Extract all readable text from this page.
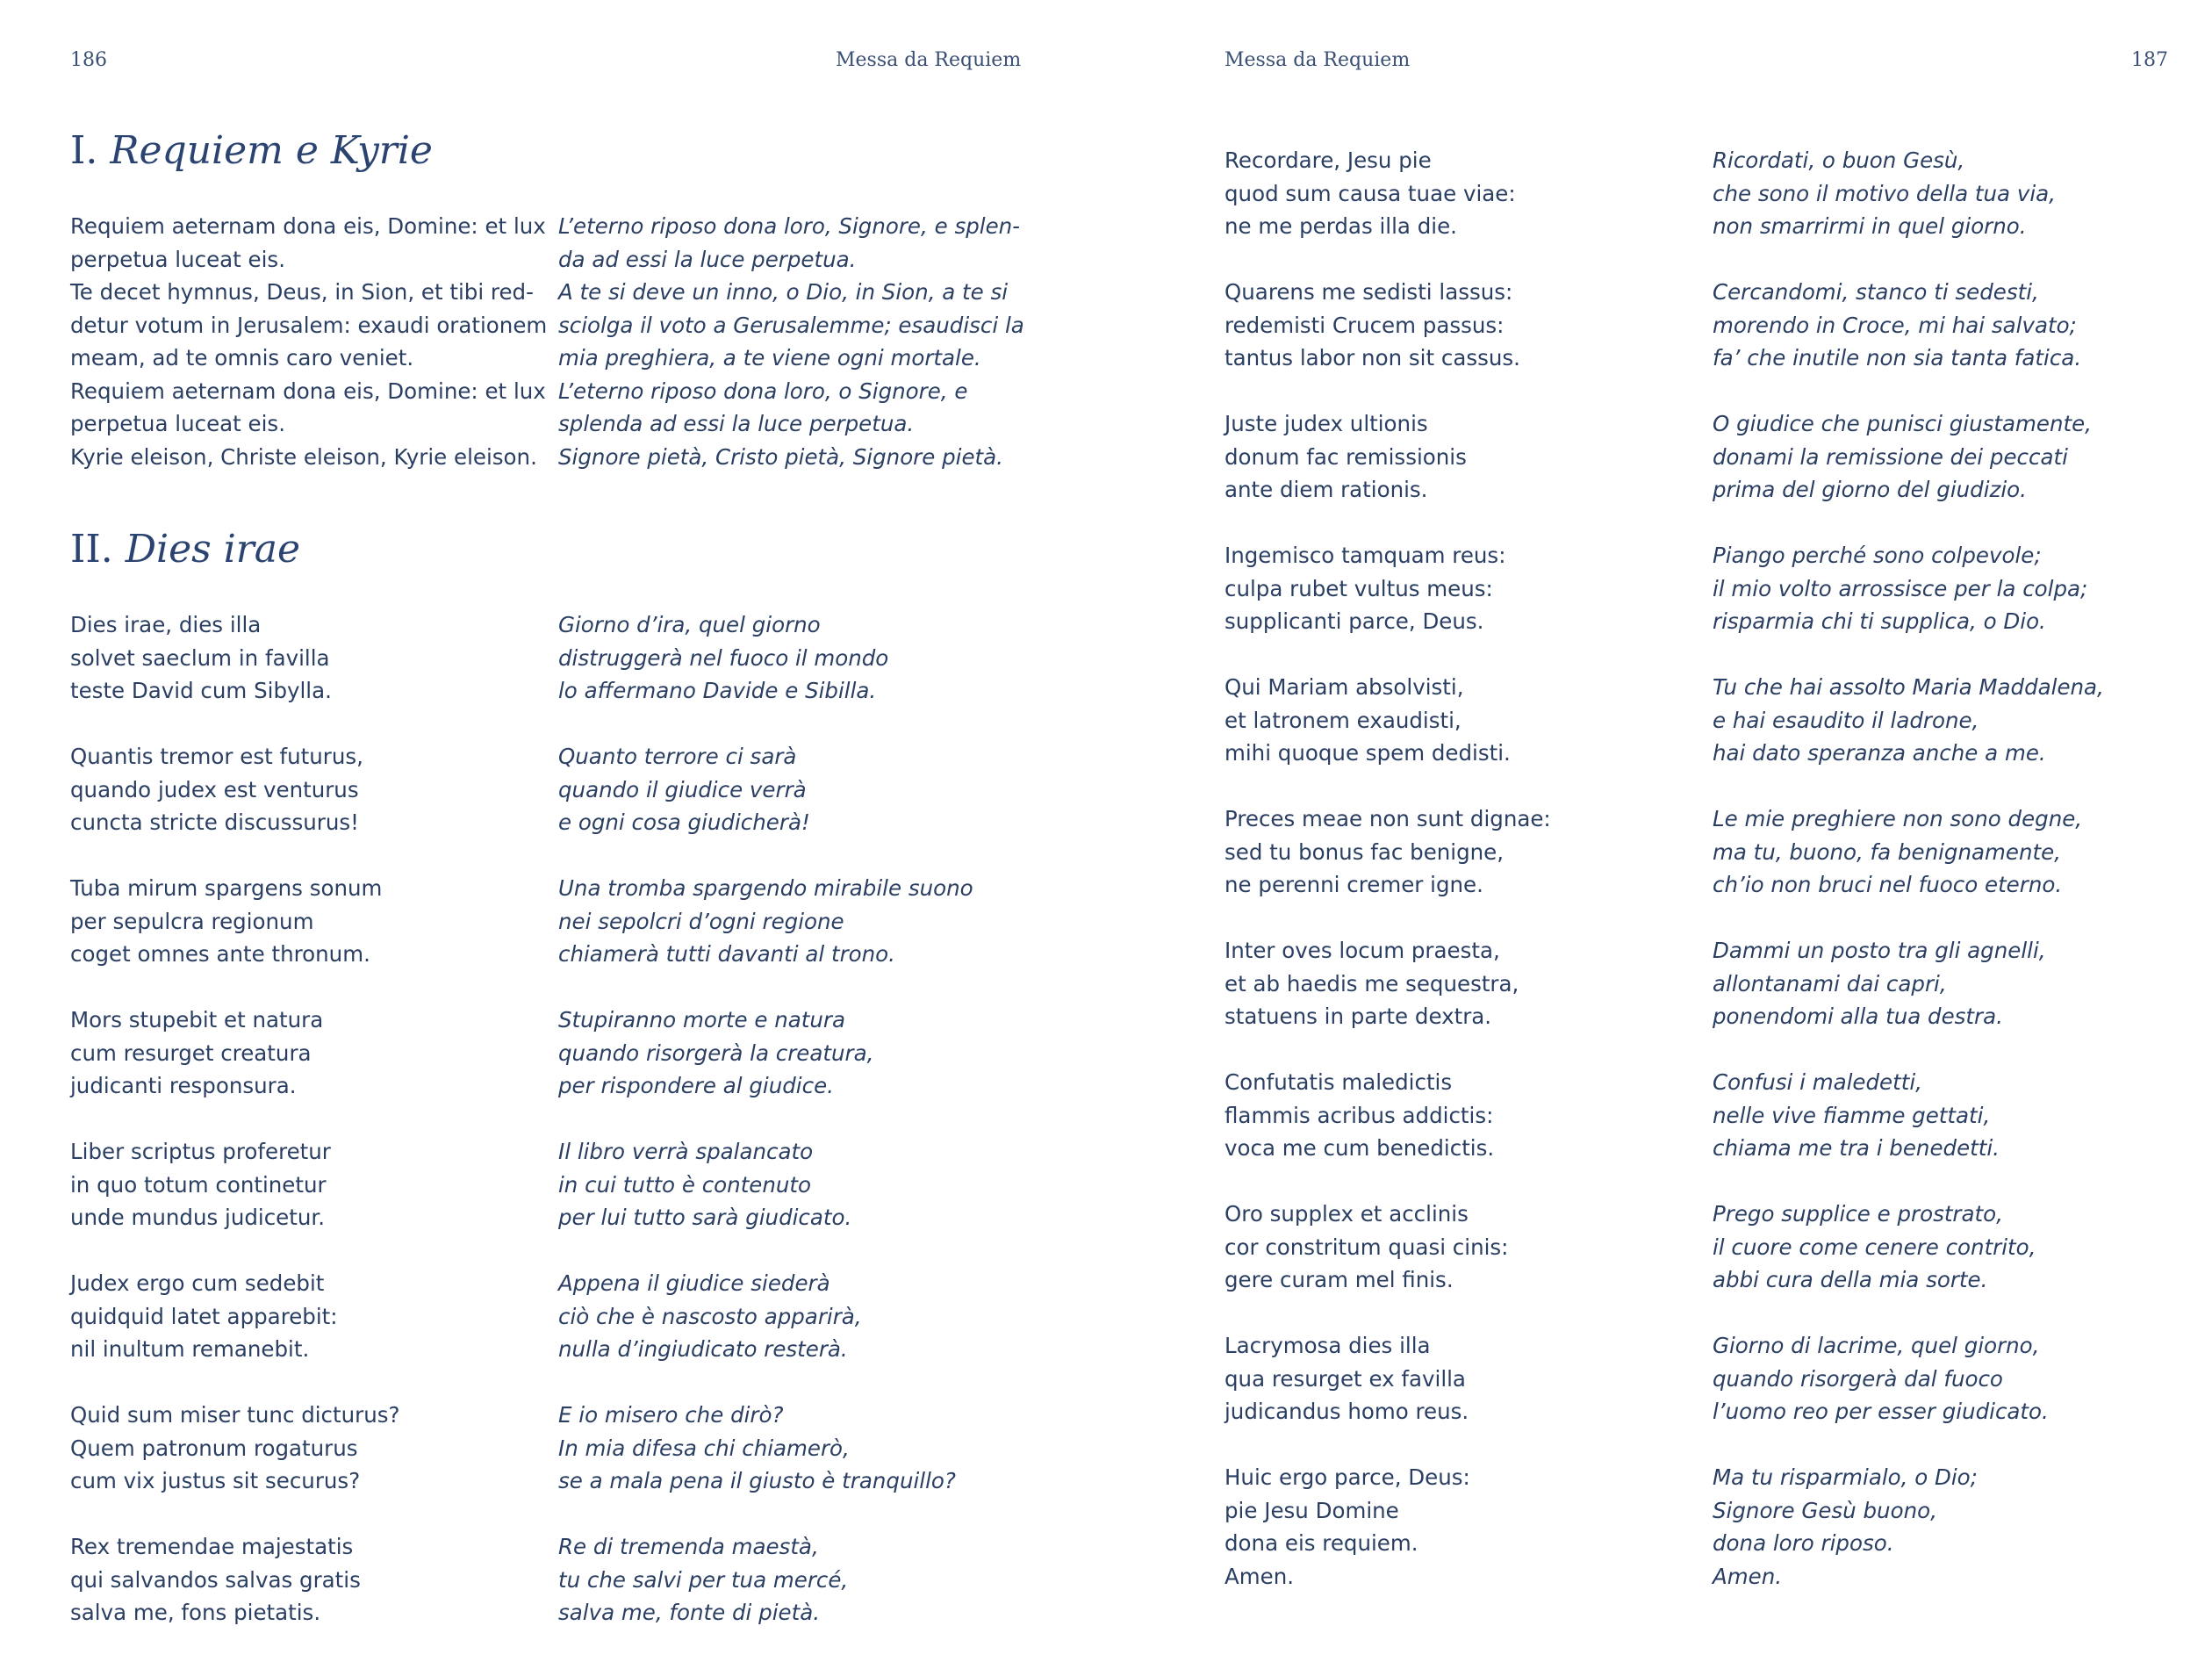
186	Messa da Requiem
I. Requiem e Kyrie
Requiem aeternam dona eis, Domine: et lux
perpetua luceat eis.
Te decet hymnus, Deus, in Sion, et tibi red-
detur votum in Jerusalem: exaudi orationem
meam, ad te omnis caro veniet.
Requiem aeternam dona eis, Domine: et lux
perpetua luceat eis.
Kyrie eleison, Christe eleison, Kyrie eleison.
L’eterno riposo dona loro, Signore, e splen-
da ad essi la luce perpetua.
A te si deve un inno, o Dio, in Sion, a te si
sciolga il voto a Gerusalemme; esaudisci la
mia preghiera, a te viene ogni mortale.
L’eterno riposo dona loro, o Signore, e
splenda ad essi la luce perpetua.
Signore pietà, Cristo pietà, Signore pietà.
II. Dies irae
Dies irae, dies illa
solvet saeclum in favilla
teste David cum Sibylla.
Quantis tremor est futurus,
quando judex est venturus
cuncta stricte discussurus!
Tuba mirum spargens sonum
per sepulcra regionum
coget omnes ante thronum.
Mors stupebit et natura
cum resurget creatura
judicanti responsura.
Liber scriptus proferetur
in quo totum continetur
unde mundus judicetur.
Judex ergo cum sedebit
quidquid latet apparebit:
nil inultum remanebit.
Quid sum miser tunc dicturus?
Quem patronum rogaturus
cum vix justus sit securus?
Rex tremendae majestatis
qui salvandos salvas gratis
salva me, fons pietatis.
Giorno d’ira, quel giorno
distruggerà nel fuoco il mondo
lo affermano Davide e Sibilla.
Quanto terrore ci sarà
quando il giudice verrà
e ogni cosa giudicherà!
Una tromba spargendo mirabile suono
nei sepolcri d’ogni regione
chiamerà tutti davanti al trono.
Stupiranno morte e natura
quando risorgerà la creatura,
per rispondere al giudice.
Il libro verrà spalancato
in cui tutto è contenuto
per lui tutto sarà giudicato.
Appena il giudice siederà
ciò che è nascosto apparirà,
nulla d’ingiudicato resterà.
E io misero che dirò?
In mia difesa chi chiamerò,
se a mala pena il giusto è tranquillo?
Re di tremenda maestà,
tu che salvi per tua mercé,
salva me, fonte di pietà.
Messa da Requiem	187
Recordare, Jesu pie
quod sum causa tuae viae:
ne me perdas illa die.
Quarens me sedisti lassus:
redemisti Crucem passus:
tantus labor non sit cassus.
Juste judex ultionis
donum fac remissionis
ante diem rationis.
Ingemisco tamquam reus:
culpa rubet vultus meus:
supplicanti parce, Deus.
Qui Mariam absolvisti,
et latronem exaudisti,
mihi quoque spem dedisti.
Preces meae non sunt dignae:
sed tu bonus fac benigne,
ne perenni cremer igne.
Inter oves locum praesta,
et ab haedis me sequestra,
statuens in parte dextra.
Confutatis maledictis
flammis acribus addictis:
voca me cum benedictis.
Oro supplex et acclinis
cor constritum quasi cinis:
gere curam mel finis.
Lacrymosa dies illa
qua resurget ex favilla
judicandus homo reus.
Huic ergo parce, Deus:
pie Jesu Domine
dona eis requiem.
Amen.
Ricordati, o buon Gesù,
che sono il motivo della tua via,
non smarrirmi in quel giorno.
Cercandomi, stanco ti sedesti,
morendo in Croce, mi hai salvato;
fa’ che inutile non sia tanta fatica.
O giudice che punisci giustamente,
donami la remissione dei peccati
prima del giorno del giudizio.
Piango perché sono colpevole;
il mio volto arrossisce per la colpa;
risparmia chi ti supplica, o Dio.
Tu che hai assolto Maria Maddalena,
e hai esaudito il ladrone,
hai dato speranza anche a me.
Le mie preghiere non sono degne,
ma tu, buono, fa benignamente,
ch’io non bruci nel fuoco eterno.
Dammi un posto tra gli agnelli,
allontanami dai capri,
ponendomi alla tua destra.
Confusi i maledetti,
nelle vive fiamme gettati,
chiama me tra i benedetti.
Prego supplice e prostrato,
il cuore come cenere contrito,
abbi cura della mia sorte.
Giorno di lacrime, quel giorno,
quando risorgerà dal fuoco
l’uomo reo per esser giudicato.
Ma tu risparmialo, o Dio;
Signore Gesù buono,
dona loro riposo.
Amen.
